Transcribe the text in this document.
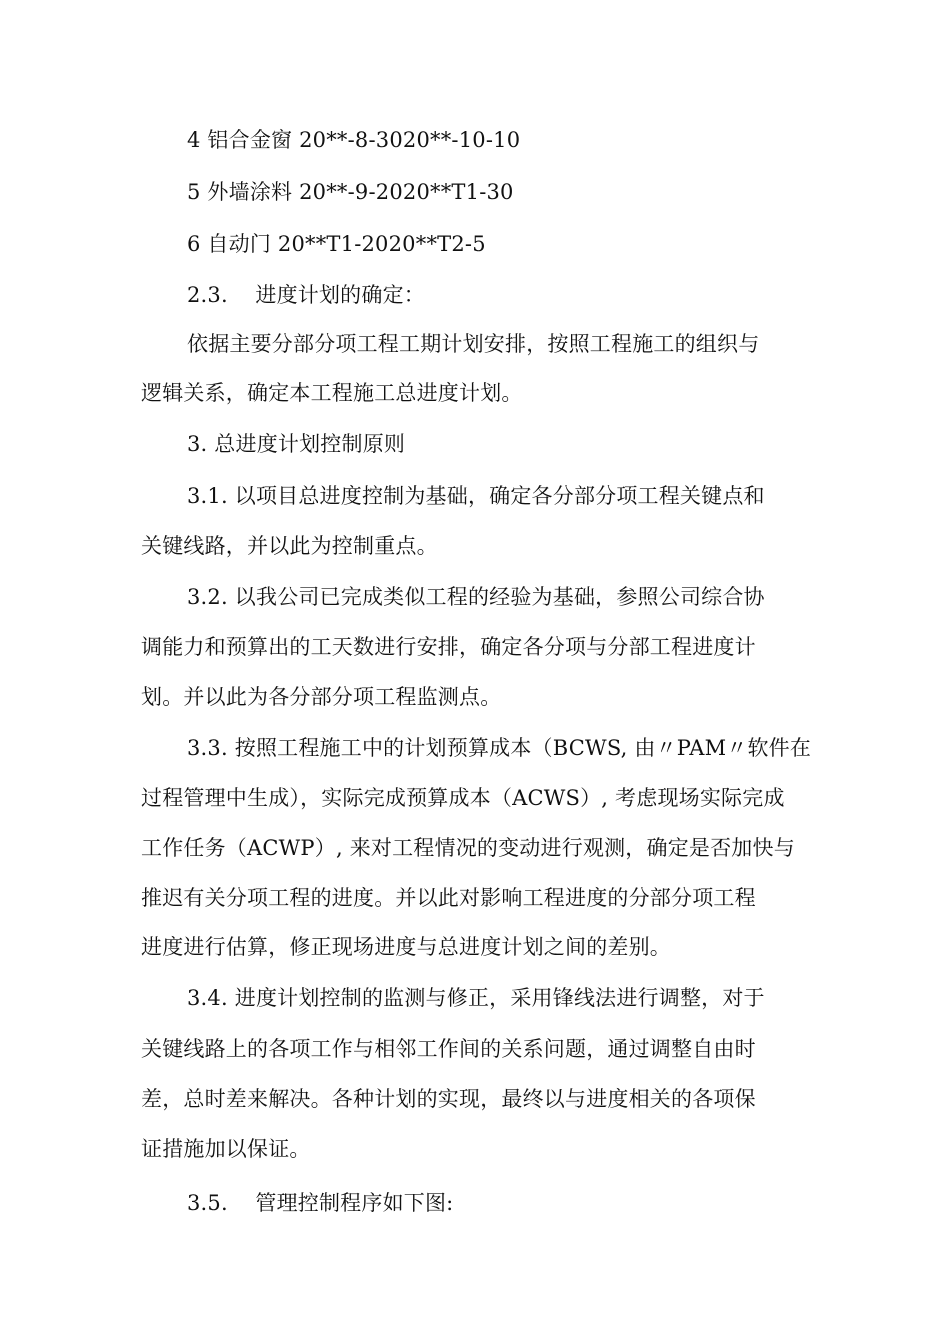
4 铝合金窗 20**-8-3020**-10-10
5 外墙涂料 20**-9-2020**T1-30
6 自动门 20**T1-2020**T2-5
2.3.    进度计划的确定：
依据主要分部分项工程工期计划安排，按照工程施工的组织与
逻辑关系，确定本工程施工总进度计划。
3. 总进度计划控制原则
3.1. 以项目总进度控制为基础，确定各分部分项工程关键点和
关键线路，并以此为控制重点。
3.2. 以我公司已完成类似工程的经验为基础，参照公司综合协
调能力和预算出的工天数进行安排，确定各分项与分部工程进度计
划。并以此为各分部分项工程监测点。
3.3. 按照工程施工中的计划预算成本（BCWS, 由〃PAM〃软件在
过程管理中生成），实际完成预算成本（ACWS）, 考虑现场实际完成
工作任务（ACWP）, 来对工程情况的变动进行观测，确定是否加快与
推迟有关分项工程的进度。并以此对影响工程进度的分部分项工程
进度进行估算，修正现场进度与总进度计划之间的差别。
3.4. 进度计划控制的监测与修正，采用锋线法进行调整，对于
关键线路上的各项工作与相邻工作间的关系问题，通过调整自由时
差，总时差来解决。各种计划的实现，最终以与进度相关的各项保
证措施加以保证。
3.5.    管理控制程序如下图:
